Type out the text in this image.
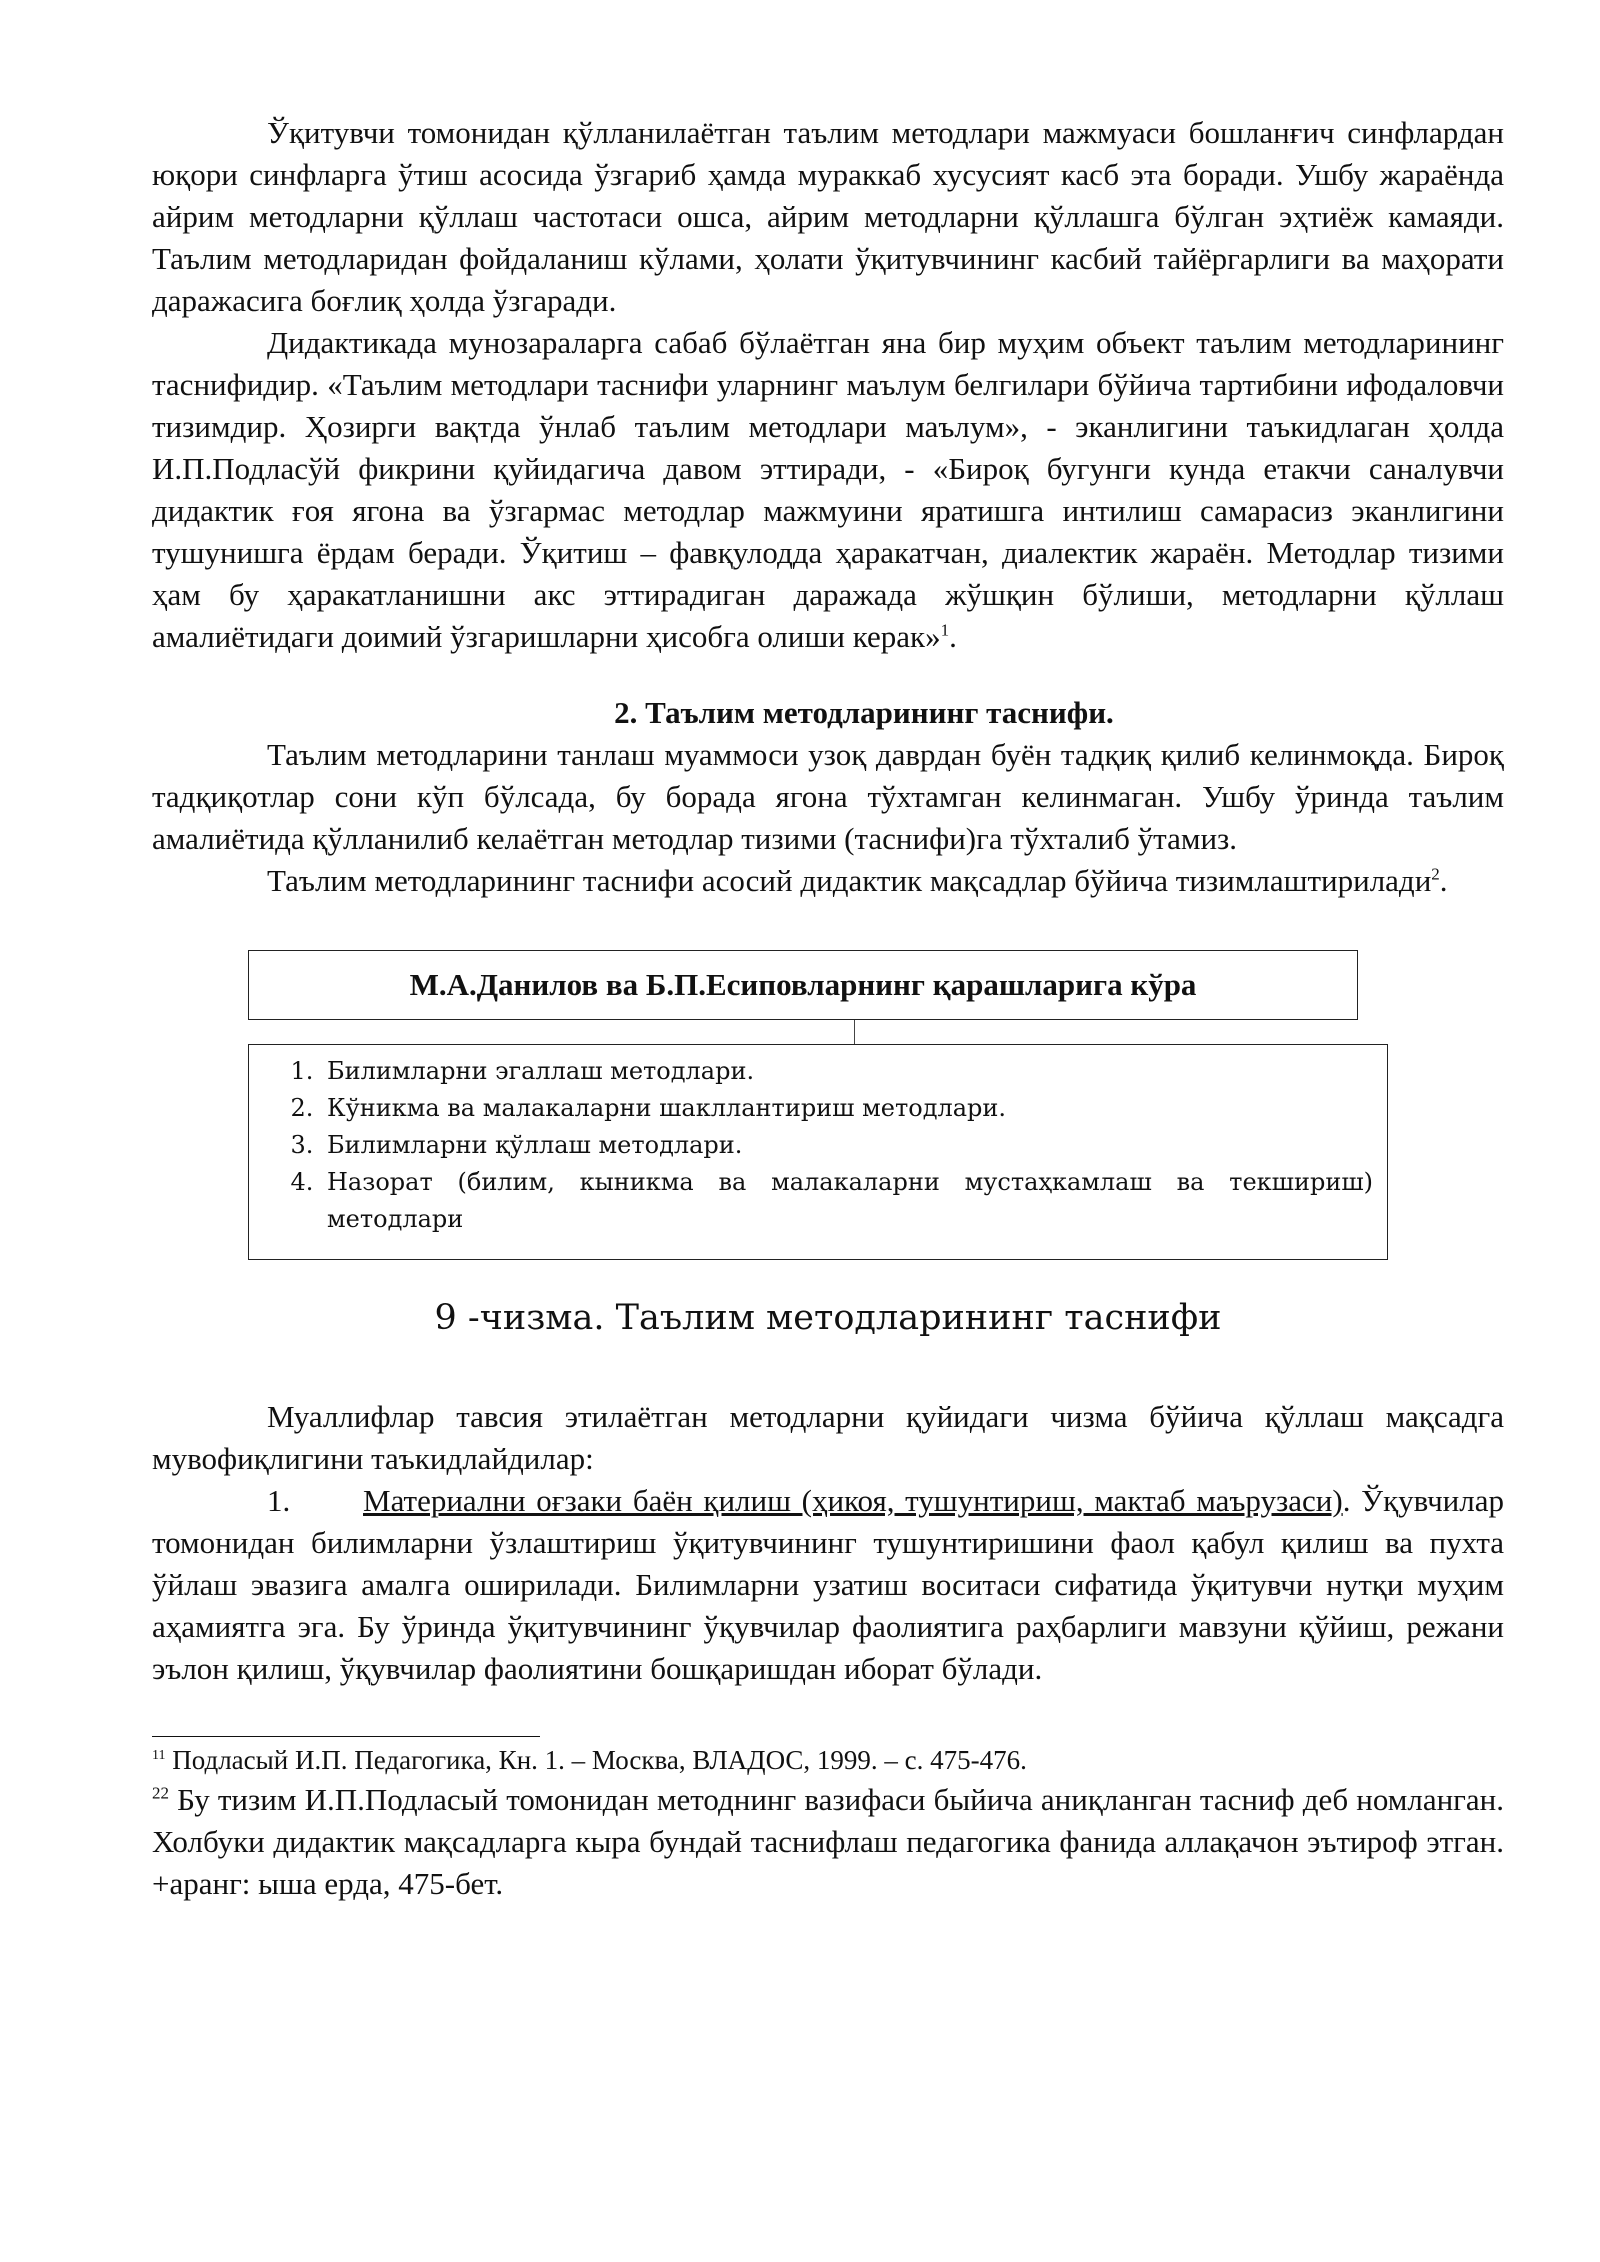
Ўқитувчи томонидан қўлланилаётган таълим методлари мажмуаси бошланғич синфлардан юқори синфларга ўтиш асосида ўзгариб ҳамда мураккаб хусусият касб эта боради. Ушбу жараёнда айрим методларни қўллаш частотаси ошса, айрим методларни қўллашга бўлган эҳтиёж камаяди. Таълим методларидан фойдаланиш кўлами, ҳолати ўқитувчининг касбий тайёргарлиги ва маҳорати даражасига боғлиқ ҳолда ўзгаради.

Дидактикада мунозараларга сабаб бўлаётган яна бир муҳим объект таълим методларининг таснифидир. «Таълим методлари таснифи уларнинг маълум белгилари бўйича тартибини ифодаловчи тизимдир. Ҳозирги вақтда ўнлаб таълим методлари маълум», - эканлигини таъкидлаган ҳолда И.П.Подласўй фикрини қуйидагича давом эттиради, - «Бироқ бугунги кунда етакчи саналувчи дидактик ғоя ягона ва ўзгармас методлар мажмуини яратишга интилиш самарасиз эканлигини тушунишга ёрдам беради. Ўқитиш – фавқулодда ҳаракатчан, диалектик жараён. Методлар тизими ҳам бу ҳаракатланишни акс эттирадиган даражада жўшқин бўлиши, методларни қўллаш амалиётидаги доимий ўзгаришларни ҳисобга олиши керак»$^1$.

2. Таълим методларининг таснифи.

Таълим методларини танлаш муаммоси узоқ даврдан буён тадқиқ қилиб келинмоқда. Бироқ тадқиқотлар сони кўп бўлсада, бу борада ягона тўхтамган келинмаган. Ушбу ўринда таълим амалиётида қўлланилиб келаётган методлар тизими (таснифи)га тўхталиб ўтамиз.

Таълим методларининг таснифи асосий дидактик мақсадлар бўйича тизимлаштирилади$^2$.

М.А.Данилов ва Б.П.Есиповларнинг қарашларига кўра
1. Билимларни эгаллаш методлари.
2. Кўникма ва малакаларни шакллантириш методлари.
3. Билимларни қўллаш методлари.
4. Назорат (билим, кыникма ва малакаларни мустаҳкамлаш ва текшириш) методлари
9 -чизма. Таълим методларининг таснифи

Муаллифлар тавсия этилаётган методларни қуйидаги чизма бўйича қўллаш мақсадга мувофиқлигини таъкидлайдилар:

1. Материални оғзаки баён қилиш (ҳикоя, тушунтириш, мактаб маърузаси). Ўқувчилар томонидан билимларни ўзлаштириш ўқитувчининг тушунтиришини фаол қабул қилиш ва пухта ўйлаш эвазига амалга оширилади. Билимларни узатиш воситаси сифатида ўқитувчи нутқи муҳим аҳамиятга эга. Бу ўринда ўқитувчининг ўқувчилар фаолиятига раҳбарлиги мавзуни қўйиш, режани эълон қилиш, ўқувчилар фаолиятини бошқаришдан иборат бўлади.

$^{11}$ Подласый И.П. Педагогика, Кн. 1. – Москва, ВЛАДОС, 1999. – с. 475-476.

$^{22}$ Бу тизим И.П.Подласый томонидан методнинг вазифаси быйича аниқланган тасниф деб номланган. Холбуки дидактик мақсадларга кыра бундай таснифлаш педагогика фанида аллақачон эътироф этган. +аранг: ыша ерда, 475-бет.
